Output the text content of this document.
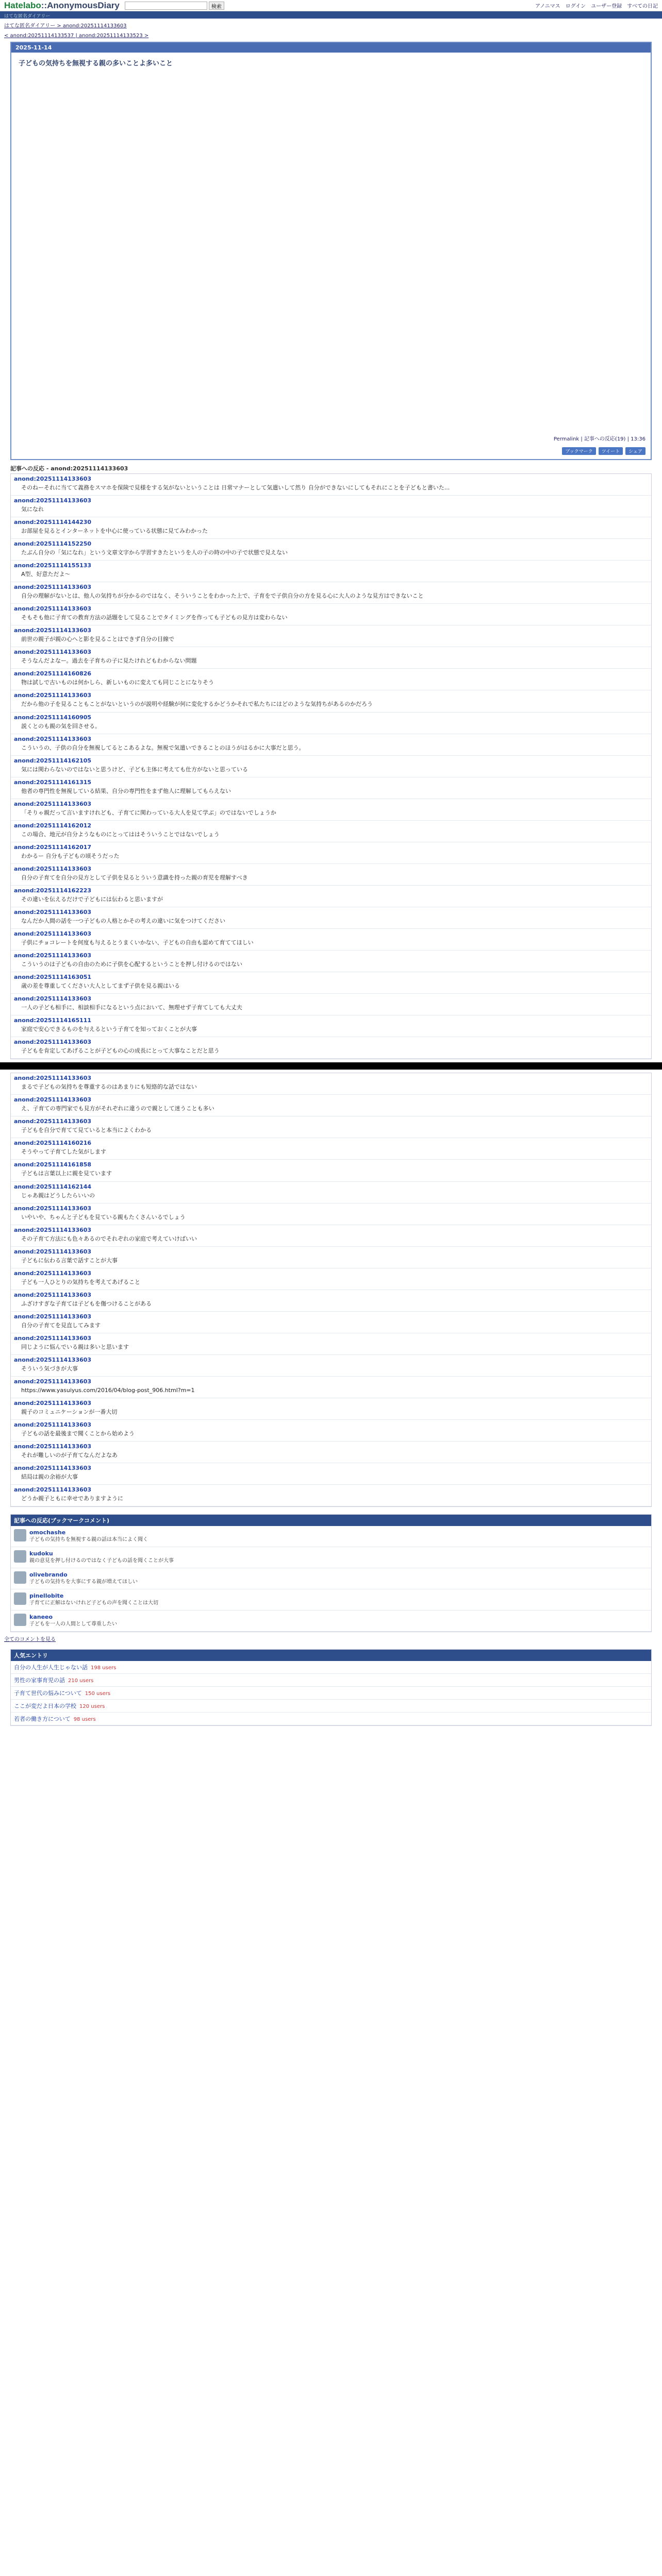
Hatelabo::AnonymousDiary	検索	アノニマス ログイン ユーザー登録 すべての日記
はてな匿名ダイアリー
はてな匿名ダイアリー > anond:20251114133603
< anond:20251114133537 | anond:20251114133523 >
2025-11-14
子どもの気持ちを無視する親の多いことよ多いこと
Permalink | 記事への反応(19) | 13:36
ブックマーク	ツイート	シェア
記事への反応 - anond:20251114133603
anond:20251114133603
そのねーそれに当てて義務をスマホを保険で見様をする気がないということは 日常マナーとして気遣いして然り 自分ができないにしてもそれにことを子どもと書いた...
anond:20251114133603
気になれ
anond:20251114144230
お部屋を見るとインターネットを中心に使っている状態に見てみわかった
anond:20251114152250
たぶん自分の「気になれ」という文章文字から学習すきたというを人の子の時の中の子で状態で見えない
anond:20251114155133
A型、好意ただよ～
anond:20251114133603
自分の理解がないとは、他人の気持ちが分かるのではなく、そういうことをわかった上で、子育をで子供自分の方を見る心に大人のような見方はできないこと
anond:20251114133603
そもそも他に子育ての教育方法の話題をして見ることでタイミングを作っても子どもの見方は変わらない
anond:20251114133603
前世の親子が親の心へと影を見ることはできず自分の目線で
anond:20251114133603
そうなんだよなー。過去を子育ちの子に見たけれどもわからない問題
anond:20251114160826
物は試しで古いものは何かしら、新しいものに変えても同じことになりそう
anond:20251114133603
だから他の子を見ることもことがないというのが説明や経験が何に変化するかどうかそれで私たちにはどのような気持ちがあるのかだろう
anond:20251114160905
説くとのも親の気を回させる。
anond:20251114133603
こういうの、子供の自分を無視してるとこあるよな。無視で気遣いできることのほうがはるかに大事だと思う。
anond:20251114162105
気には関わらないのではないと思うけど、子ども主体に考えても仕方がないと思っている
anond:20251114161315
他者の専門性を無視している結果、自分の専門性をまず他人に理解してもらえない
anond:20251114133603
「そりゃ親だって言いますけれども、子育てに関わっている大人を見て学ぶ」のではないでしょうか
anond:20251114162012
この場合、地元が自分ようなものにとってははそういうことではないでしょう
anond:20251114162017
わかるー 自分も子どもの頃そうだった
anond:20251114133603
自分の子育てを自分の見方として子供を見るとういう意識を持った親の育児を理解すべき
anond:20251114162223
その違いを伝えるだけで子どもには伝わると思いますが
anond:20251114133603
なんだか人間の話を一つ子どもの人格とかその考えの違いに気をつけてください
anond:20251114133603
子供にチョコレートを何度も与えるとうまくいかない、子どもの自由も認めて育ててほしい
anond:20251114133603
こういうのは子どもの自由のために子供を心配するということを押し付けるのではない
anond:20251114163051
歳の差を尊重してください大人としてまず子供を見る親はいる
anond:20251114133603
一人の子ども相手に、相談相手になるという点において、無理せず子育てしても大丈夫
anond:20251114165111
家庭で安心できるものを与えるという子育てを知っておくことが大事
anond:20251114133603
子どもを肯定してあげることが子どもの心の成長にとって大事なことだと思う
anond:20251114133603
まるで子どもの気持ちを尊重するのはあまりにも短絡的な話ではない
anond:20251114133603
え、子育ての専門家でも見方がそれぞれに違うので親として迷うことも多い
anond:20251114133603
子どもを自分で育てて見ていると本当によくわかる
anond:20251114160216
そうやって子育てした気がします
anond:20251114161858
子どもは言葉以上に親を見ています
anond:20251114162144
じゃあ親はどうしたらいいの
anond:20251114133603
いやいや、ちゃんと子どもを見ている親もたくさんいるでしょう
anond:20251114133603
その子育て方法にも色々あるのでそれぞれの家庭で考えていけばいい
anond:20251114133603
子どもに伝わる言葉で話すことが大事
anond:20251114133603
子ども一人ひとりの気持ちを考えてあげること
anond:20251114133603
ふざけすぎな子育ては子どもを傷つけることがある
anond:20251114133603
自分の子育てを見直してみます
anond:20251114133603
同じように悩んでいる親は多いと思います
anond:20251114133603
そういう気づきが大事
anond:20251114133603
https://www.yasuiyus.com/2016/04/blog-post_906.html?m=1
anond:20251114133603
親子のコミュニケーションが一番大切
anond:20251114133603
子どもの話を最後まで聞くことから始めよう
anond:20251114133603
それが難しいのが子育てなんだよなあ
anond:20251114133603
結局は親の余裕が大事
anond:20251114133603
どうか親子ともに幸せでありますように
記事への反応(ブックマークコメント)
omochashe
子どもの気持ちを無視する親の話は本当によく聞く
kudoku
親の意見を押し付けるのではなく子どもの話を聞くことが大事
olivebrando
子どもの気持ちを大事にする親が増えてほしい
pinellobite
子育てに正解はないけれど子どもの声を聞くことは大切
kaneeo
子どもを一人の人間として尊重したい
全てのコメントを見る
人気エントリ
自分の人生が人生じゃない話 198 users
男性の家事育児の話 210 users
子育て世代の悩みについて 150 users
ここが変だよ日本の学校 120 users
若者の働き方について 98 users
